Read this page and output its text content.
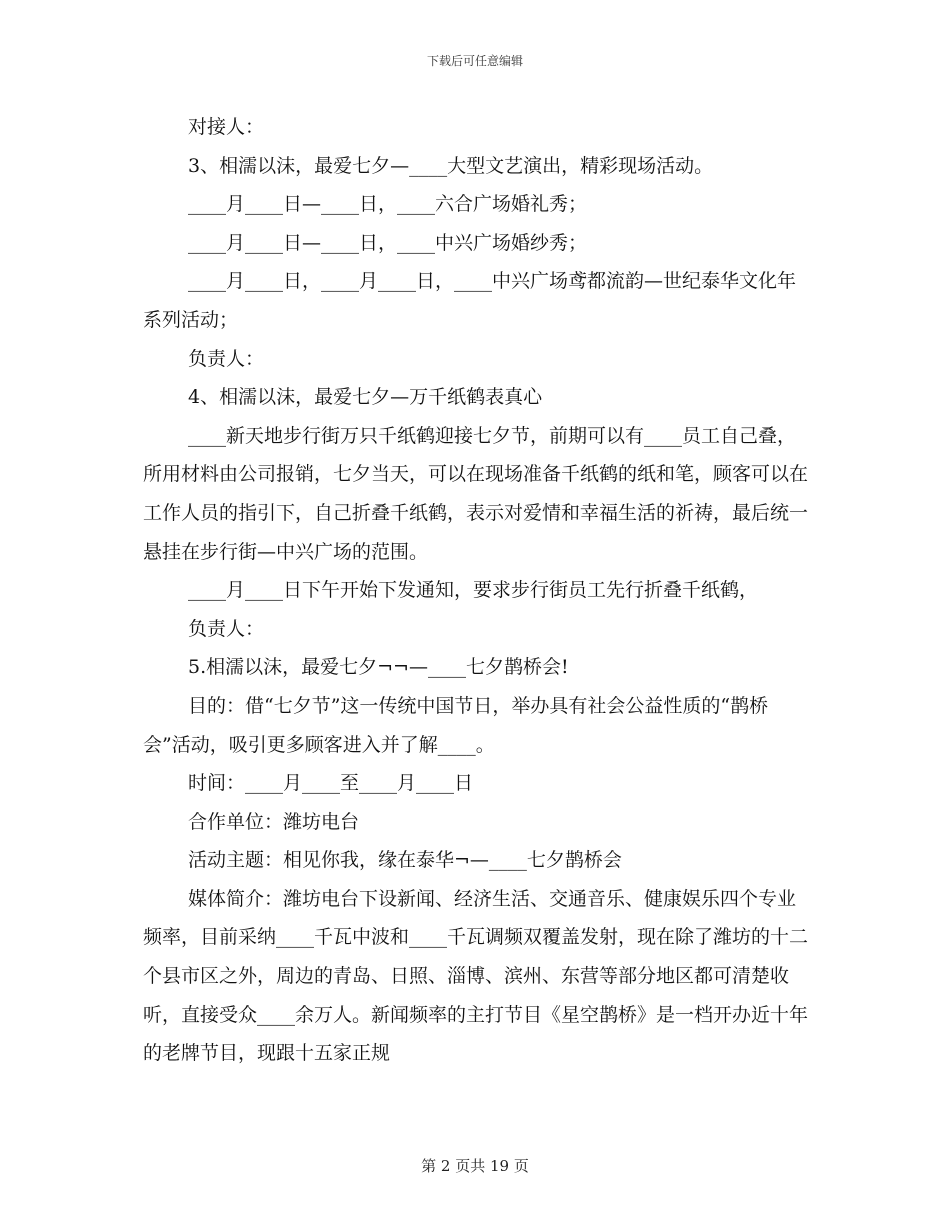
下载后可任意编辑

对接人：

3、相濡以沫，最爱七夕—____大型文艺演出，精彩现场活动。

____月____日—____日，____六合广场婚礼秀；

____月____日—____日，____中兴广场婚纱秀；

____月____日，____月____日，____中兴广场鸢都流韵—世纪泰华文化年系列活动；

负责人：

4、相濡以沫，最爱七夕—万千纸鹤表真心

____新天地步行街万只千纸鹤迎接七夕节，前期可以有____员工自己叠，所用材料由公司报销，七夕当天，可以在现场准备千纸鹤的纸和笔，顾客可以在工作人员的指引下，自己折叠千纸鹤，表示对爱情和幸福生活的祈祷，最后统一悬挂在步行街—中兴广场的范围。

____月____日下午开始下发通知，要求步行街员工先行折叠千纸鹤，

负责人：

5.相濡以沫，最爱七夕¬¬—____七夕鹊桥会!

目的：借“七夕节”这一传统中国节日，举办具有社会公益性质的“鹊桥会”活动，吸引更多顾客进入并了解____。

时间：____月____至____月____日

合作单位：潍坊电台

活动主题：相见你我，缘在泰华¬—____七夕鹊桥会

媒体简介：潍坊电台下设新闻、经济生活、交通音乐、健康娱乐四个专业频率，目前采纳____千瓦中波和____千瓦调频双覆盖发射，现在除了潍坊的十二个县市区之外，周边的青岛、日照、淄博、滨州、东营等部分地区都可清楚收听，直接受众____余万人。新闻频率的主打节目《星空鹊桥》是一档开办近十年的老牌节目，现跟十五家正规

第 2 页共 19 页
